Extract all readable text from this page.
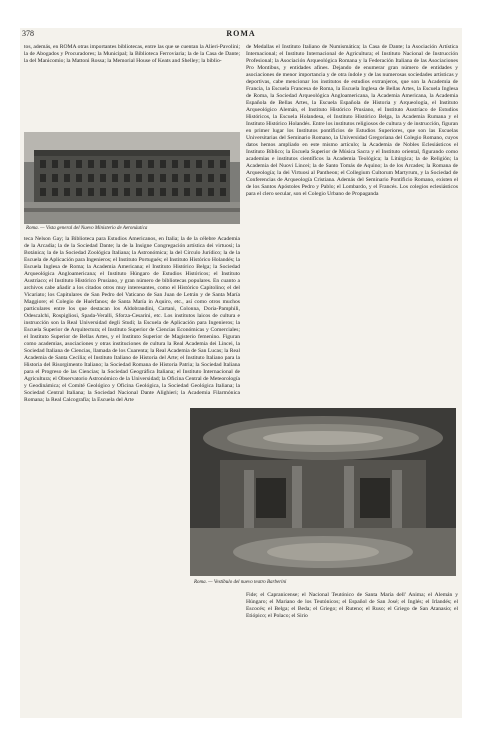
378	ROMA
tos, además, en ROMA otras importantes bibliotecas, entre las que se cuentan la Alieri-Pavolini; la de Abogados y Procuradores; la Municipal; la Biblioteca Ferroviaria; la de la Casa de Dante; la del Manicomio; la Mattoni Rossa; la Memorial House of Keats and Shelley; la biblio-
de Medallas el Instituto Italiano de Numismática; la Casa de Dante; la Asociación Artística Internacional; el Instituto Internacional de Agricultura; el Instituto Nacional de Instrucción Profesional; la Asociación Arqueológica Romana y la Federación Italiana de las Asociaciones Pro Montibus, y entidades afines. Dejando de enumerar gran número de entidades y asociaciones de menor importancia y de otra índole y de las numerosas sociedades artísticas y deportivas, cabe mencionar los institutos de estudios extranjeros, que son la Academia de Francia, la Escuela Francesa de Roma, la Escuela Inglesa de Bellas Artes, la Escuela Inglesa de Roma, la Sociedad Arqueológica Angloamericana, la Academia Americana, la Academia Española de Bellas Artes, la Escuela Española de Historia y Arqueología, el Instituto Arqueológico Alemán, el Instituto Histórico Prusiano, el Instituto Austríaco de Estudios Históricos, la Escuela Holandesa, el Instituto Histórico Belga, la Academia Rumana y el Instituto Histórico Holandés. Entre los institutos religiosos de cultura y de instrucción, figuran en primer lugar los Institutos pontificios de Estudios Superiores, que son las Escuelas Universitarias del Seminario Romano, la Universidad Gregoriana del Colegio Romano, cuyos datos hemos ampliado en este mismo artículo; la Academia de Nobles Eclesiásticos el Instituto Bíblico; la Escuela Superior de Música Sacra y el Instituto oriental, figurando como academias e institutos científicos la Academia Teológica; la Litúrgica; la de Religión; la Academia del Nuovi Lincei; la de Santo Tomás de Aquino; la de los Arcades; la Romana de Arqueología; la dei Virtuosi al Pantheon; el Collegium Cultorum Martyrum, y la Sociedad de Conferencias de Arqueología Cristiana. Además del Seminario Pontificio Romano, existen el de los Santos Apóstoles Pedro y Pablo; el Lombardo, y el Francés. Los colegios eclesiásticos para el clero secular, son el Colegio Urbano de Propaganda
Roma. — Vista general del Nuevo Ministerio de Aeronáutica
teca Nelson Gay; la Biblioteca para Estudios Americanos, en Italia; la de la célebre Academia de la Arcadia; la de la Sociedad Dante; la de la Insigne Congregación artística dei virtuosi; la Botánica; la de la Sociedad Zoológica Italiana; la Astronómica; la del Círculo Jurídico; la de la Escuela de Aplicación para Ingenieros; el Instituto Portugués; el Instituto Histórico Holandés; la Escuela Inglesa de Roma; la Academia Americana; el Instituto Histórico Belga; la Sociedad Arqueológica Angloamericana; el Instituto Húngaro de Estudios Históricos; el Instituto Austríaco; el Instituto Histórico Prusiano, y gran número de bibliotecas populares. En cuanto a archivos cabe añadir a los citados otros muy interesantes, como el Histórico Capitolino; el del Vicariato; los Capitulares de San Pedro del Vaticano de San Juan de Letrán y de Santa María Maggiore; el Colegio de Huérfanos; de Santa María in Aquiro, etc., así como otros muchos particulares entre los que destacan los Aldobrandini, Cartani, Colonna, Doria-Pamphili, Odescalchi, Rospigliosi, Spada-Veralli, Sforza-Cesarini, etc. Los institutos laicos de cultura e instrucción son la Real Universidad degli Studi; la Escuela de Aplicación para Ingenieros; la Escuela Superior de Arquitectura; el Instituto Superior de Ciencias Económicas y Comerciales; el Instituto Superior de Bellas Artes, y el Instituto Superior de Magisterio femenino. Figuran como academias, asociaciones y otras instituciones de cultura la Real Academia dei Lincei, la Sociedad Italiana de Ciencias, llamada de los Cuarenta; la Real Academia de San Lucas; la Real Academia de Santa Cecilia; el Instituto Italiano de Historia del Arte; el Instituto Italiano para la Historia del Risorgimento Italiano; la Sociedad Romana de Historia Patria; la Sociedad Italiana para el Progreso de las Ciencias; la Sociedad Geográfica Italiana; el Instituto Internacional de Agricultura; el Observatorio Astronómico de la Universidad; la Oficina Central de Meteorología y Geodinámica; el Comité Geológico y Oficina Geológica, la Sociedad Geológica Italiana; la Sociedad Central Italiana; la Sociedad Nacional Dante Alighieri; la Academia Filarmónica Romana; la Real Calcografía; la Escuela del Arte
Roma. — Vestíbulo del nuevo teatro Barberini
Fide; el Capranicense; el Nacional Teutónico de Santa María dell' Anima; el Alemán y Húngaro; el Mariano de los Teutónicos; el Español de San José; el Inglés; el Irlandés; el Escocés; el Belga; el Beda; el Griego; el Ruteno; el Ruso; el Griego de San Atanasio; el Etiópico; el Polaco; el Sirio
